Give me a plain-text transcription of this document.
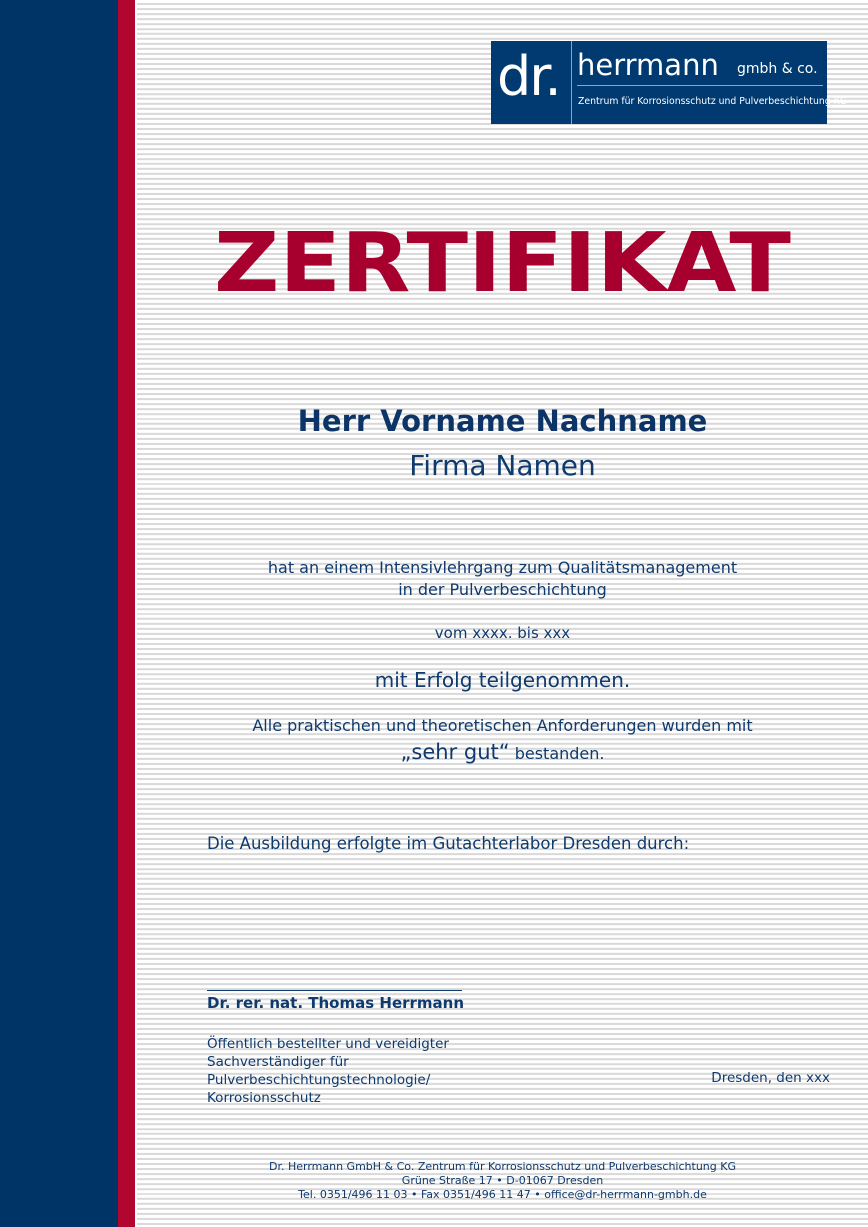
dr. herrmann gmbh & co.
Zentrum für Korrosionsschutz und Pulverbeschichtung KG
ZERTIFIKAT
Herr Vorname Nachname
Firma Namen
hat an einem Intensivlehrgang zum Qualitätsmanagement
in der Pulverbeschichtung
vom xxxx. bis xxx
mit Erfolg teilgenommen.
Alle praktischen und theoretischen Anforderungen wurden mit
„sehr gut“ bestanden.
Die Ausbildung erfolgte im Gutachterlabor Dresden durch:
Dr. rer. nat. Thomas Herrmann
Öffentlich bestellter und vereidigter
Sachverständiger für
Pulverbeschichtungstechnologie/
Korrosionsschutz
Dresden, den xxx
Dr. Herrmann GmbH & Co. Zentrum für Korrosionsschutz und Pulverbeschichtung KG
Grüne Straße 17 • D-01067 Dresden
Tel. 0351/496 11 03 • Fax 0351/496 11 47 • office@dr-herrmann-gmbh.de
